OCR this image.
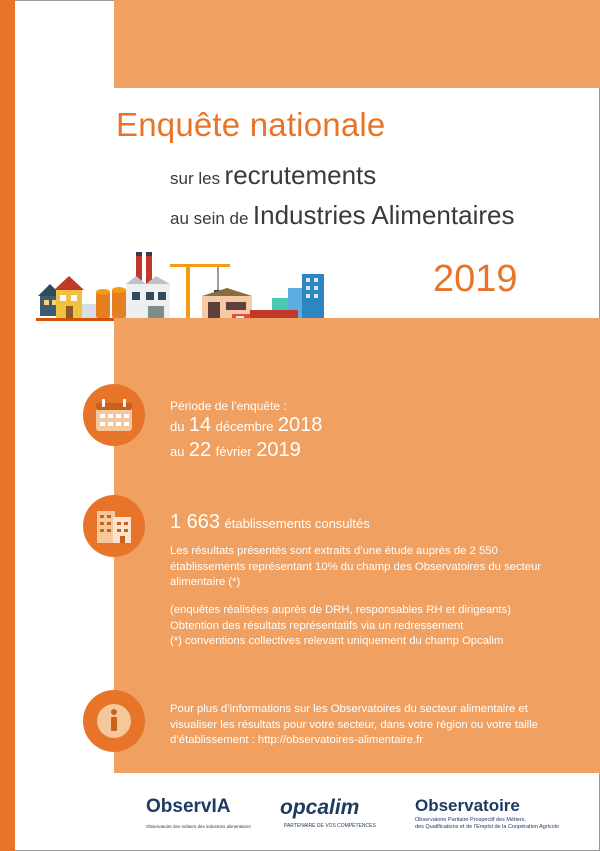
Enquête nationale
sur les recrutements
au sein de Industries Alimentaires
2019
Période de l’enquête :
du 14 décembre 2018
au 22 février 2019
1 663 établissements consultés
Les résultats présentés sont extraits d’une étude auprès de 2 550 établissements représentant 10% du champ des Observatoires du secteur alimentaire (*)
(enquêtes réalisées auprès de DRH, responsables RH et dirigeants)
Obtention des résultats représentatifs via un redressement
(*) conventions collectives relevant uniquement du champ Opcalim
Pour plus d’informations sur les Observatoires du secteur alimentaire et visualiser les résultats pour votre secteur, dans votre région ou votre taille d’établissement : http://observatoires-alimentaire.fr
ObservIA
Observatoire des métiers des industries alimentaires
opcalim
PARTENAIRE DE VOS COMPÉTENCES
Observatoire
Observatoire Paritaire Prospectif des Métiers,
des Qualifications et de l’Emploi de la Coopération Agricole
